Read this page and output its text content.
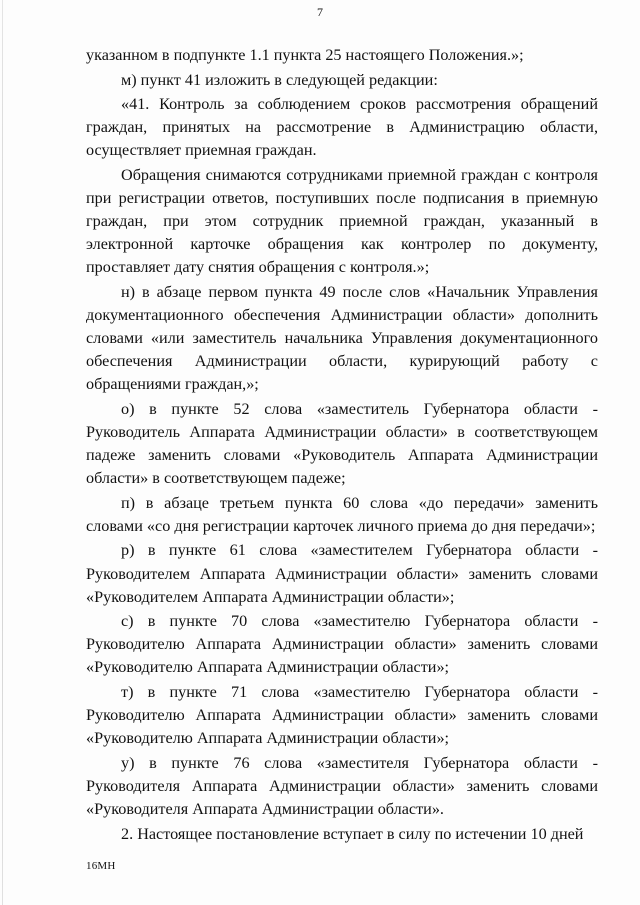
7

указанном в подпункте 1.1 пункта 25 настоящего Положения.»;

м) пункт 41 изложить в следующей редакции:

«41. Контроль за соблюдением сроков рассмотрения обращений граждан, принятых на рассмотрение в Администрацию области, осуществляет приемная граждан.

Обращения снимаются сотрудниками приемной граждан с контроля при регистрации ответов, поступивших после подписания в приемную граждан, при этом сотрудник приемной граждан, указанный в электронной карточке обращения как контролер по документу, проставляет дату снятия обращения с контроля.»;

н) в абзаце первом пункта 49 после слов «Начальник Управления документационного обеспечения Администрации области» дополнить словами «или заместитель начальника Управления документационного обеспечения Администрации области, курирующий работу с обращениями граждан,»;

о) в пункте 52 слова «заместитель Губернатора области - Руководитель Аппарата Администрации области» в соответствующем падеже заменить словами «Руководитель Аппарата Администрации области» в соответствующем падеже;

п) в абзаце третьем пункта 60 слова «до передачи» заменить словами «со дня регистрации карточек личного приема до дня передачи»;

р) в пункте 61 слова «заместителем Губернатора области - Руководителем Аппарата Администрации области» заменить словами «Руководителем Аппарата Администрации области»;

с) в пункте 70 слова «заместителю Губернатора области - Руководителю Аппарата Администрации области» заменить словами «Руководителю Аппарата Администрации области»;

т) в пункте 71 слова «заместителю Губернатора области - Руководителю Аппарата Администрации области» заменить словами «Руководителю Аппарата Администрации области»;

у) в пункте 76 слова «заместителя Губернатора области - Руководителя Аппарата Администрации области» заменить словами «Руководителя Аппарата Администрации области».

2. Настоящее постановление вступает в силу по истечении 10 дней

16МН
